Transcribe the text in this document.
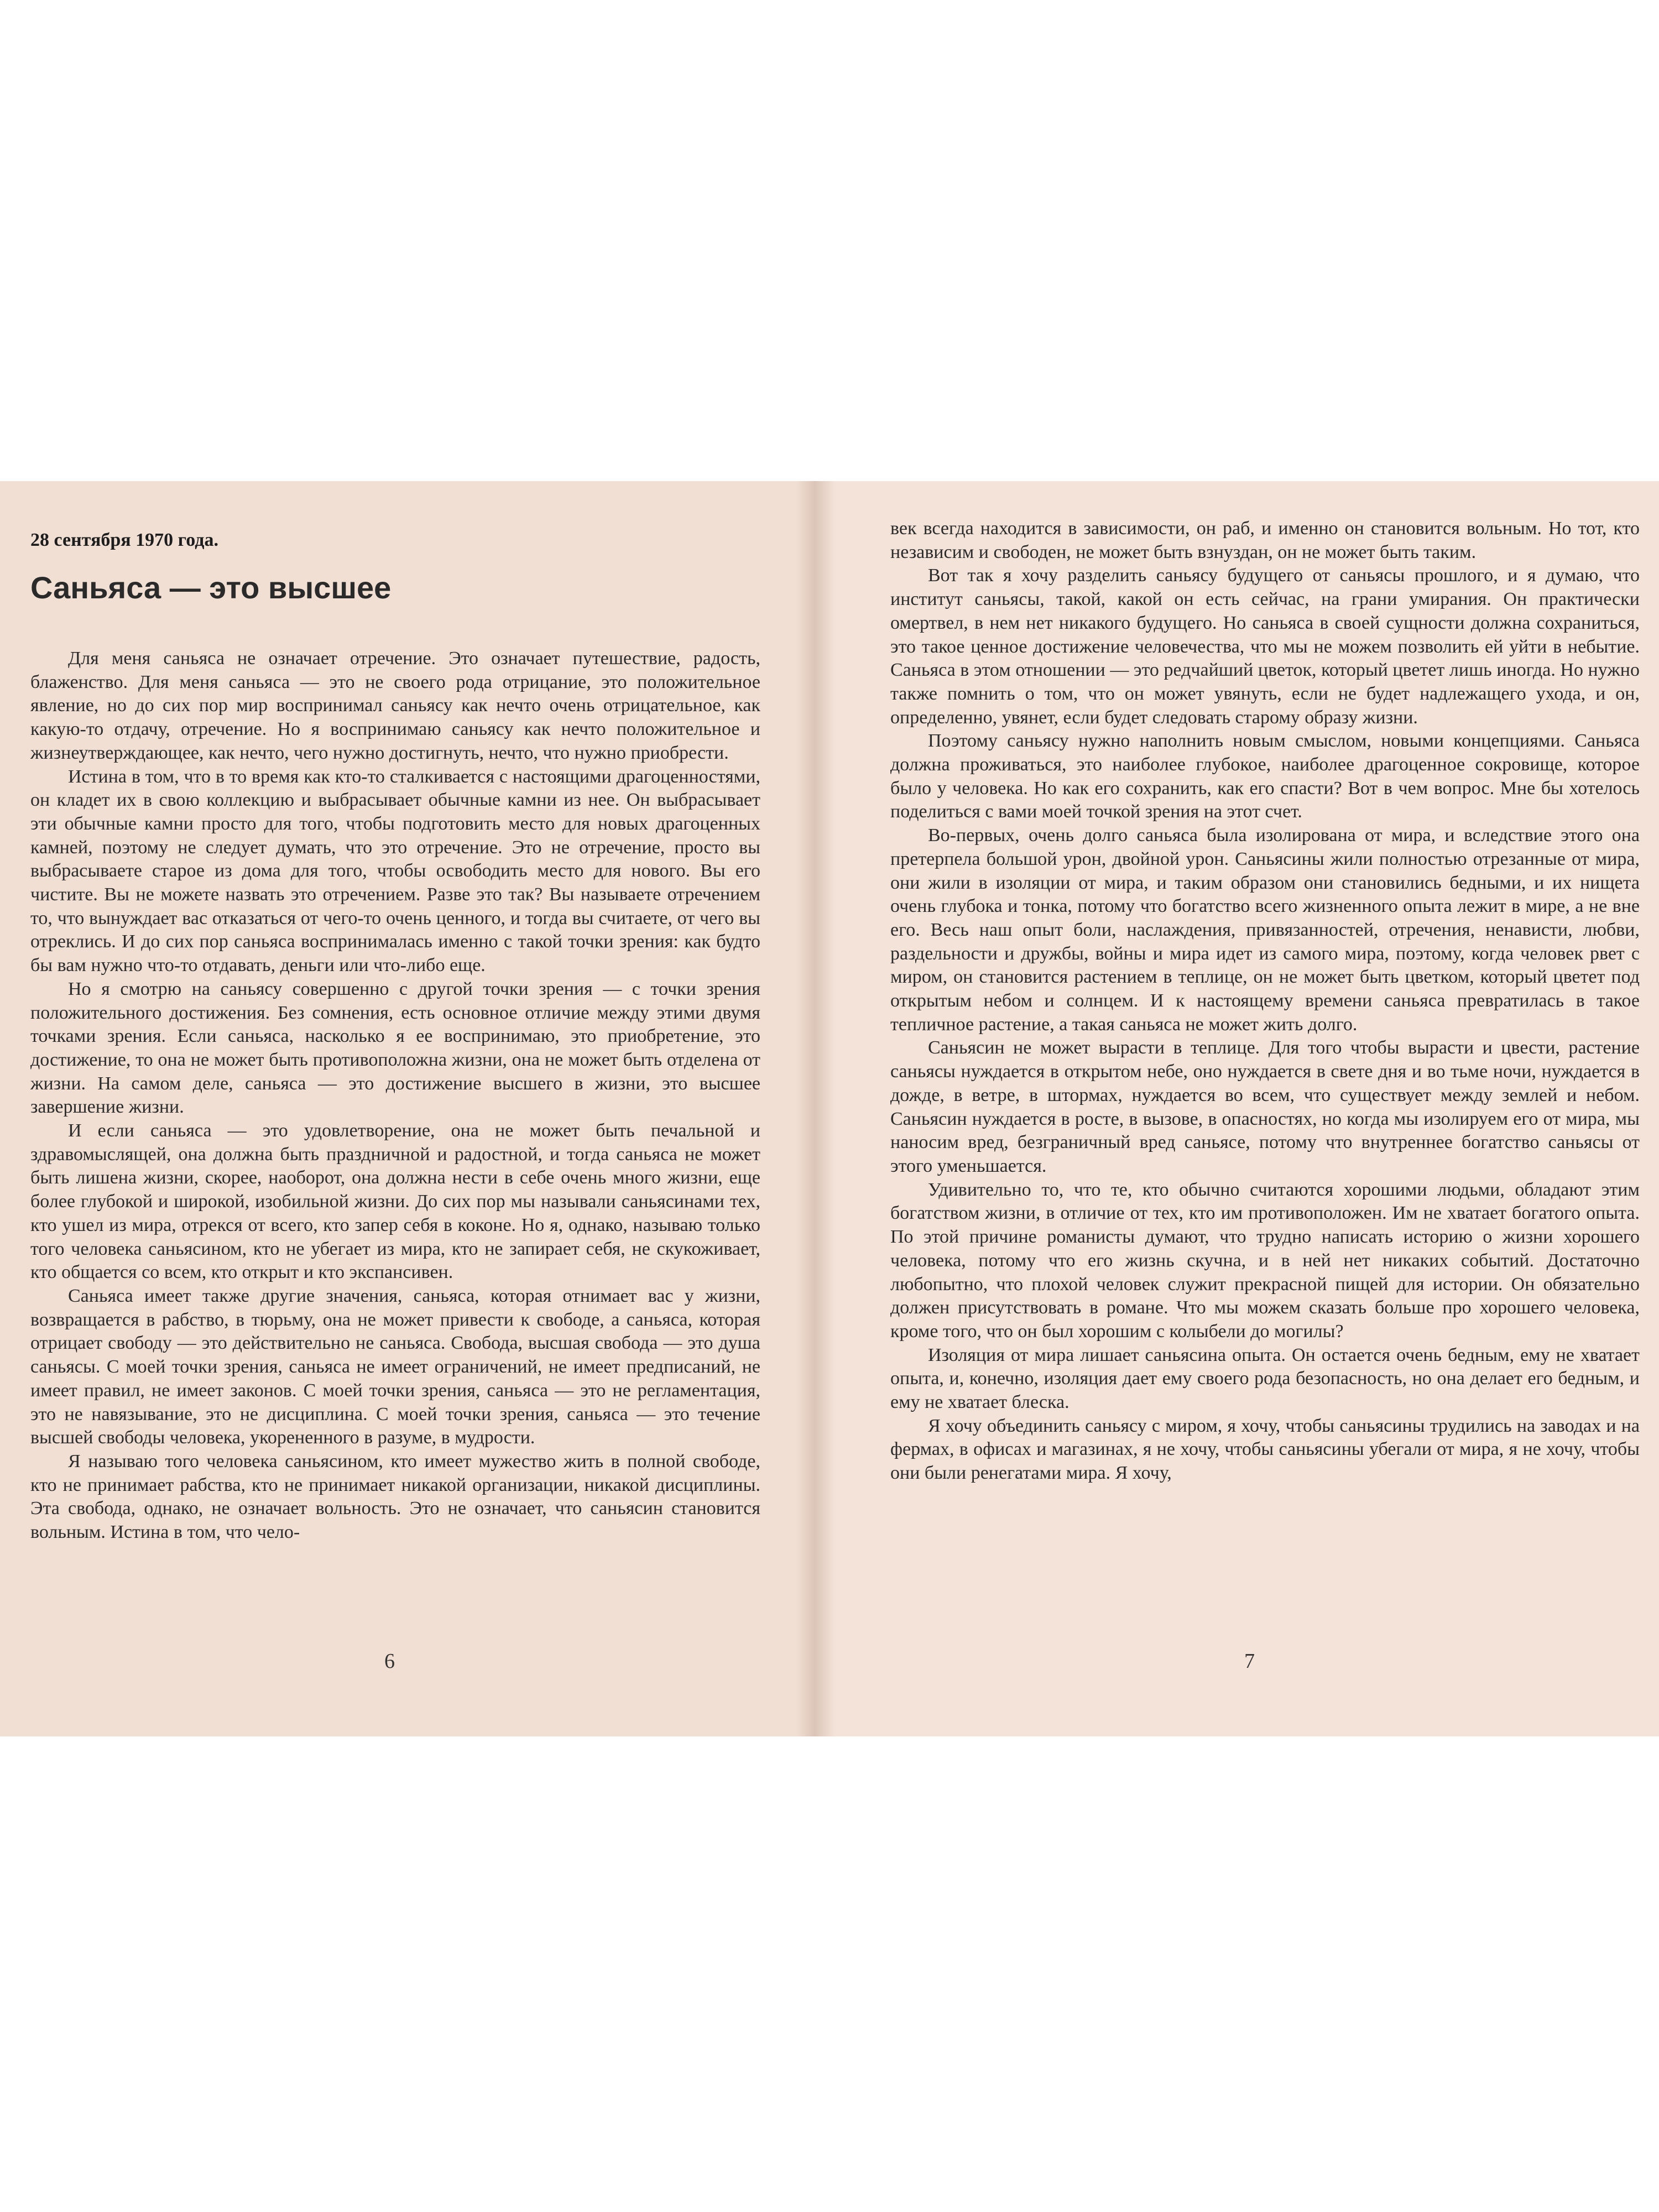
28 сентября 1970 года.
Саньяса — это высшее

Для меня саньяса не означает отречение. Это означает путешествие, радость, блаженство. Для меня саньяса — это не своего рода отрицание, это положительное явление, но до сих пор мир воспринимал саньясу как нечто очень отрицательное, как какую-то отдачу, отречение. Но я воспринимаю саньясу как нечто положительное и жизнеутверждающее, как нечто, чего нужно достигнуть, нечто, что нужно приобрести.

Истина в том, что в то время как кто-то сталкивается с настоящими драгоценностями, он кладет их в свою коллекцию и выбрасывает обычные камни из нее. Он выбрасывает эти обычные камни просто для того, чтобы подготовить место для новых драгоценных камней, поэтому не следует думать, что это отречение. Это не отречение, просто вы выбрасываете старое из дома для того, чтобы освободить место для нового. Вы его чистите. Вы не можете назвать это отречением. Разве это так? Вы называете отречением то, что вынуждает вас отказаться от чего-то очень ценного, и тогда вы считаете, от чего вы отреклись. И до сих пор саньяса воспринималась именно с такой точки зрения: как будто бы вам нужно что-то отдавать, деньги или что-либо еще.

Но я смотрю на саньясу совершенно с другой точки зрения — с точки зрения положительного достижения. Без сомнения, есть основное отличие между этими двумя точками зрения. Если саньяса, насколько я ее воспринимаю, это приобретение, это достижение, то она не может быть противоположна жизни, она не может быть отделена от жизни. На самом деле, саньяса — это достижение высшего в жизни, это высшее завершение жизни.

И если саньяса — это удовлетворение, она не может быть печальной и здравомыслящей, она должна быть праздничной и радостной, и тогда саньяса не может быть лишена жизни, скорее, наоборот, она должна нести в себе очень много жизни, еще более глубокой и широкой, изобильной жизни. До сих пор мы называли саньясинами тех, кто ушел из мира, отрекся от всего, кто запер себя в коконе. Но я, однако, называю только того человека саньясином, кто не убегает из мира, кто не запирает себя, не скукоживает, кто общается со всем, кто открыт и кто экспансивен.

Саньяса имеет также другие значения, саньяса, которая отнимает вас у жизни, возвращается в рабство, в тюрьму, она не может привести к свободе, а саньяса, которая отрицает свободу — это действительно не саньяса. Свобода, высшая свобода — это душа саньясы. С моей точки зрения, саньяса не имеет ограничений, не имеет предписаний, не имеет правил, не имеет законов. С моей точки зрения, саньяса — это не регламентация, это не навязывание, это не дисциплина. С моей точки зрения, саньяса — это течение высшей свободы человека, укорененного в разуме, в мудрости.

Я называю того человека саньясином, кто имеет мужество жить в полной свободе, кто не принимает рабства, кто не принимает никакой организации, никакой дисциплины. Эта свобода, однако, не означает вольность. Это не означает, что саньясин становится вольным. Истина в том, что чело-

6

век всегда находится в зависимости, он раб, и именно он становится вольным. Но тот, кто независим и свободен, не может быть взнуздан, он не может быть таким.

Вот так я хочу разделить саньясу будущего от саньясы прошлого, и я думаю, что институт саньясы, такой, какой он есть сейчас, на грани умирания. Он практически омертвел, в нем нет никакого будущего. Но саньяса в своей сущности должна сохраниться, это такое ценное достижение человечества, что мы не можем позволить ей уйти в небытие. Саньяса в этом отношении — это редчайший цветок, который цветет лишь иногда. Но нужно также помнить о том, что он может увянуть, если не будет надлежащего ухода, и он, определенно, увянет, если будет следовать старому образу жизни.

Поэтому саньясу нужно наполнить новым смыслом, новыми концепциями. Саньяса должна проживаться, это наиболее глубокое, наиболее драгоценное сокровище, которое было у человека. Но как его сохранить, как его спасти? Вот в чем вопрос. Мне бы хотелось поделиться с вами моей точкой зрения на этот счет.

Во-первых, очень долго саньяса была изолирована от мира, и вследствие этого она претерпела большой урон, двойной урон. Саньясины жили полностью отрезанные от мира, они жили в изоляции от мира, и таким образом они становились бедными, и их нищета очень глубока и тонка, потому что богатство всего жизненного опыта лежит в мире, а не вне его. Весь наш опыт боли, наслаждения, привязанностей, отречения, ненависти, любви, раздельности и дружбы, войны и мира идет из самого мира, поэтому, когда человек рвет с миром, он становится растением в теплице, он не может быть цветком, который цветет под открытым небом и солнцем. И к настоящему времени саньяса превратилась в такое тепличное растение, а такая саньяса не может жить долго.

Саньясин не может вырасти в теплице. Для того чтобы вырасти и цвести, растение саньясы нуждается в открытом небе, оно нуждается в свете дня и во тьме ночи, нуждается в дожде, в ветре, в штормах, нуждается во всем, что существует между землей и небом. Саньясин нуждается в росте, в вызове, в опасностях, но когда мы изолируем его от мира, мы наносим вред, безграничный вред саньясе, потому что внутреннее богатство саньясы от этого уменьшается.

Удивительно то, что те, кто обычно считаются хорошими людьми, обладают этим богатством жизни, в отличие от тех, кто им противоположен. Им не хватает богатого опыта. По этой причине романисты думают, что трудно написать историю о жизни хорошего человека, потому что его жизнь скучна, и в ней нет никаких событий. Достаточно любопытно, что плохой человек служит прекрасной пищей для истории. Он обязательно должен присутствовать в романе. Что мы можем сказать больше про хорошего человека, кроме того, что он был хорошим с колыбели до могилы?

Изоляция от мира лишает саньясина опыта. Он остается очень бедным, ему не хватает опыта, и, конечно, изоляция дает ему своего рода безопасность, но она делает его бедным, и ему не хватает блеска.

Я хочу объединить саньясу с миром, я хочу, чтобы саньясины трудились на заводах и на фермах, в офисах и магазинах, я не хочу, чтобы саньясины убегали от мира, я не хочу, чтобы они были ренегатами мира. Я хочу,

7
